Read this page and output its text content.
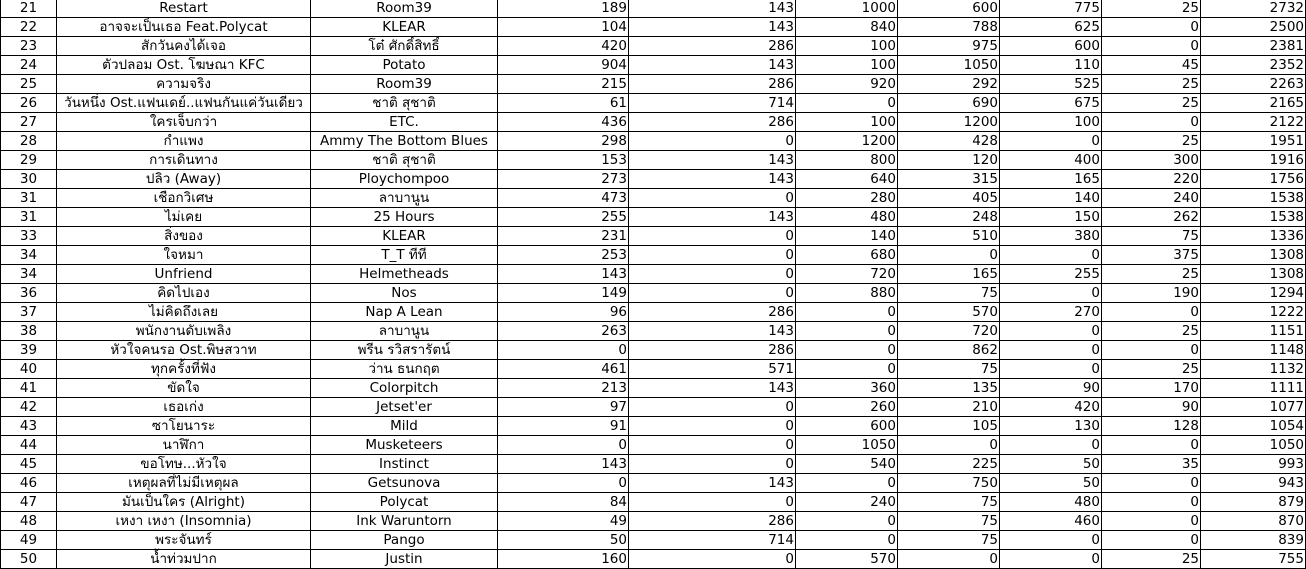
21	Restart	Room39	189	143	1000	600	775	25	2732
22	อาจจะเป็นเธอ Feat.Polycat	KLEAR	104	143	840	788	625	0	2500
23	สักวันคงได้เจอ	โต๋ ศักดิ์สิทธิ์	420	286	100	975	600	0	2381
24	ตัวปลอม Ost. โฆษณา KFC	Potato	904	143	100	1050	110	45	2352
25	ความจริง	Room39	215	286	920	292	525	25	2263
26	วันหนึ่ง Ost.แฟนเดย์..แฟนกันแค่วันเดียว	ชาติ สุชาติ	61	714	0	690	675	25	2165
27	ใครเจ็บกว่า	ETC.	436	286	100	1200	100	0	2122
28	กำแพง	Ammy The Bottom Blues	298	0	1200	428	0	25	1951
29	การเดินทาง	ชาติ สุชาติ	153	143	800	120	400	300	1916
30	ปลิว (Away)	Ploychompoo	273	143	640	315	165	220	1756
31	เชือกวิเศษ	ลาบานูน	473	0	280	405	140	240	1538
31	ไม่เคย	25 Hours	255	143	480	248	150	262	1538
33	สิ่งของ	KLEAR	231	0	140	510	380	75	1336
34	ใจหมา	T_T ทีที	253	0	680	0	0	375	1308
34	Unfriend	Helmetheads	143	0	720	165	255	25	1308
36	คิดไปเอง	Nos	149	0	880	75	0	190	1294
37	ไม่คิดถึงเลย	Nap A Lean	96	286	0	570	270	0	1222
38	พนักงานดับเพลิง	ลาบานูน	263	143	0	720	0	25	1151
39	หัวใจคนรอ Ost.พิษสวาท	พรีน รวิสรารัตน์	0	286	0	862	0	0	1148
40	ทุกครั้งที่ฟัง	ว่าน ธนกฤต	461	571	0	75	0	25	1132
41	ขัดใจ	Colorpitch	213	143	360	135	90	170	1111
42	เธอเก่ง	Jetset'er	97	0	260	210	420	90	1077
43	ซาโยนาระ	Mild	91	0	600	105	130	128	1054
44	นาฬิกา	Musketeers	0	0	1050	0	0	0	1050
45	ขอโทษ...หัวใจ	Instinct	143	0	540	225	50	35	993
46	เหตุผลที่ไม่มีเหตุผล	Getsunova	0	143	0	750	50	0	943
47	มันเป็นใคร (Alright)	Polycat	84	0	240	75	480	0	879
48	เหงา เหงา (Insomnia)	Ink Waruntorn	49	286	0	75	460	0	870
49	พระจันทร์	Pango	50	714	0	75	0	0	839
50	น้ำท่วมปาก	Justin	160	0	570	0	0	25	755
